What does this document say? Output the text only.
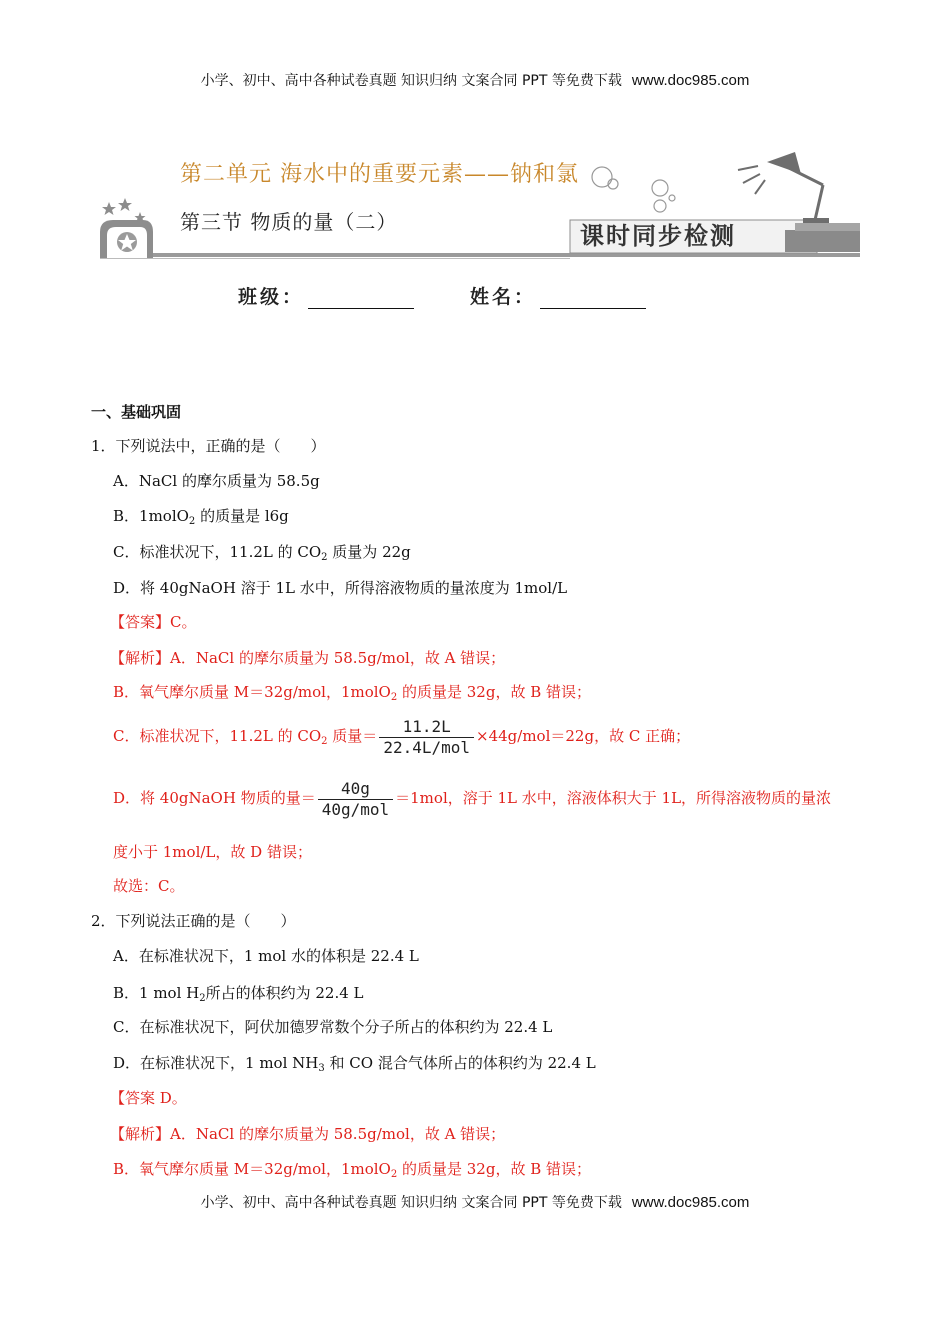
小学、初中、高中各种试卷真题 知识归纳 文案合同 PPT 等免费下载 www.doc985.com
第二单元 海水中的重要元素——钠和氯
第三节 物质的量（二）	课时同步检测
班级：	姓名：
一、基础巩固
1．下列说法中，正确的是（　　）
A．NaCl 的摩尔质量为 58.5g
B．1molO$_2$ 的质量是 l6g
C．标准状况下，11.2L 的 $CO_2$ 质量为 22g
D．将 40gNaOH 溶于 1L 水中，所得溶液物质的量浓度为 1mol/L
【答案】C。
【解析】A．NaCl 的摩尔质量为 58.5g/mol，故 A 错误；
B．氧气摩尔质量 M＝32g/mol，1molO$_2$ 的质量是 32g，故 B 错误；
C．标准状况下，11.2L 的 $CO_2$ 质量＝ $\frac{11.2L}{\text{22.4L/mol}} \times 44g/mol=22g$，故 C 正确；
D．将 40gNaOH 物质的量＝ $\frac{40g}{\text{40g/mol}} =1mol$，溶于 1L 水中，溶液体积大于 1L，所得溶液物质的量浓
度小于 1mol/L，故 D 错误；
故选：C。
2．下列说法正确的是（　　）
A．在标准状况下，1 mol 水的体积是 22.4 L
B．1 mol $H_2$所占的体积约为 22.4 L
C．在标准状况下，阿伏加德罗常数个分子所占的体积约为 22.4 L
D．在标准状况下，1 mol $NH_3$ 和 CO 混合气体所占的体积约为 22.4 L
【答案 D。
【解析】A．NaCl 的摩尔质量为 58.5g/mol，故 A 错误；
B．氧气摩尔质量 M＝32g/mol，1molO$_2$ 的质量是 32g，故 B 错误；
小学、初中、高中各种试卷真题 知识归纳 文案合同 PPT 等免费下载 www.doc985.com
